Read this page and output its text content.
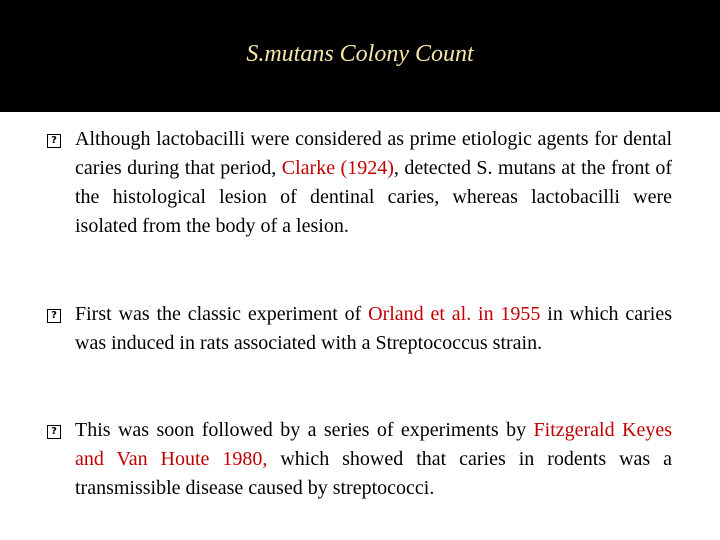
S.mutans Colony Count
? Although lactobacilli were considered as prime etiologic agents for dental caries during that period, Clarke (1924), detected S. mutans at the front of the histological lesion of dentinal caries, whereas lactobacilli were isolated from the body of a lesion.

? First was the classic experiment of Orland et al. in 1955 in which caries was induced in rats associated with a Streptococcus strain.

? This was soon followed by a series of experiments by Fitzgerald Keyes and Van Houte 1980, which showed that caries in rodents was a transmissible disease caused by streptococci.
